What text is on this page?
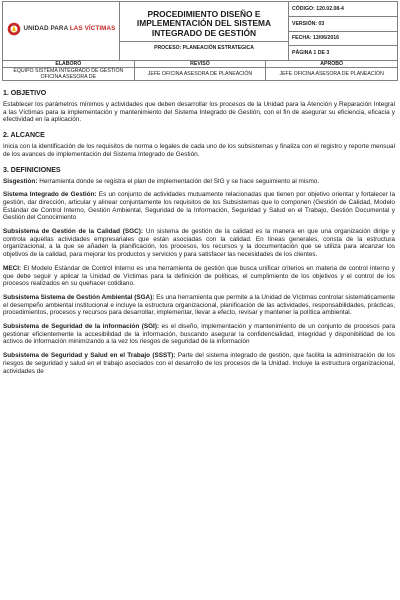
UNIDAD PARA LAS VÍCTIMAS

PROCEDIMIENTO DISEÑO E IMPLEMENTACIÓN DEL SISTEMA INTEGRADO DE GESTIÓN
PROCESO: PLANEACIÓN ESTRATEGICA
	CÓDIGO: 120.02.08-4
VERSIÓN: 03
FECHA: 13/06/2016
PÁGINA 1 DE 3
ELABORÓ	REVISÓ	APROBÓ
EQUIPO SISTEMA INTEGRADO DE GESTIÓN OFICINA ASESORA DE	JEFE OFICINA ASESORA DE PLANEACIÓN	JEFE OFICINA ASESORA DE PLANEACIÓN
1. OBJETIVO

Establecer los parámetros mínimos y actividades que deben desarrollar los procesos de la Unidad para la Atención y Reparación Integral a las Víctimas para la implementación y mantenimiento del Sistema Integrado de Gestión, con el fin de asegurar su eficiencia, eficacia y efectividad en la aplicación.

2. ALCANCE

Inicia con la identificación de los requisitos de norma o legales de cada uno de los subsistemas y finaliza con el registro y reporte mensual de los avances de implementación del Sistema Integrado de Gestión.

3. DEFINICIONES

Sisgestión: Herramienta donde se registra el plan de implementación del SIG y se hace seguimiento al mismo.

Sistema Integrado de Gestión: Es un conjunto de actividades mutuamente relacionadas que tienen por objetivo orientar y fortalecer la gestión, dar dirección, articular y alinear conjuntamente los requisitos de los Subsistemas que lo componen (Gestión de Calidad, Modelo Estándar de Control Interno, Gestión Ambiental, Seguridad de la Información, Seguridad y Salud en el Trabajo, Gestión Documental y Gestión del Conocimiento

Subsistema de Gestión de la Calidad (SGC): Un sistema de gestión de la calidad es la manera en que una organización dirige y controla aquellas actividades empresariales que están asociadas con la calidad. En líneas generales, consta de la estructura organizacional, a la que se añaden la planificación, los procesos, los recursos y la documentación que se utiliza para alcanzar los objetivos de la calidad, para mejorar los productos y servicios y para satisfacer las necesidades de los clientes.

MECI: El Modelo Estándar de Control Interno es una herramienta de gestión que busca unificar criterios en materia de control interno y que debe seguir y aplicar la Unidad de Víctimas para la definición de políticas, el cumplimiento de los objetivos y el control de los procesos realizados en su quehacer cotidiano.

Subsistema Sistema de Gestión Ambiental (SGA): Es una herramienta que permite a la Unidad de Víctimas controlar sistemáticamente el desempeño ambiental institucional e incluye la estructura organizacional, planificación de las actividades, responsabilidades, prácticas, procedimientos, procesos y recursos para desarrollar, implementar, llevar a efecto, revisar y mantener la política ambiental.

Subsistema de Seguridad de la información (SGI): es el diseño, implementación y mantenimiento de un conjunto de procesos para gestionar eficientemente la accesibilidad de la información, buscando asegurar la confidencialidad, integridad y disponibilidad de los activos de información minimizando a la vez los riesgos de seguridad de la información

Subsistema de Seguridad y Salud en el Trabajo (SSST): Parte del sistema integrado de gestión, que facilita la administración de los riesgos de seguridad y salud en el trabajo asociados con el desarrollo de los procesos de la Unidad. Incluye la estructura organizacional, actividades de
